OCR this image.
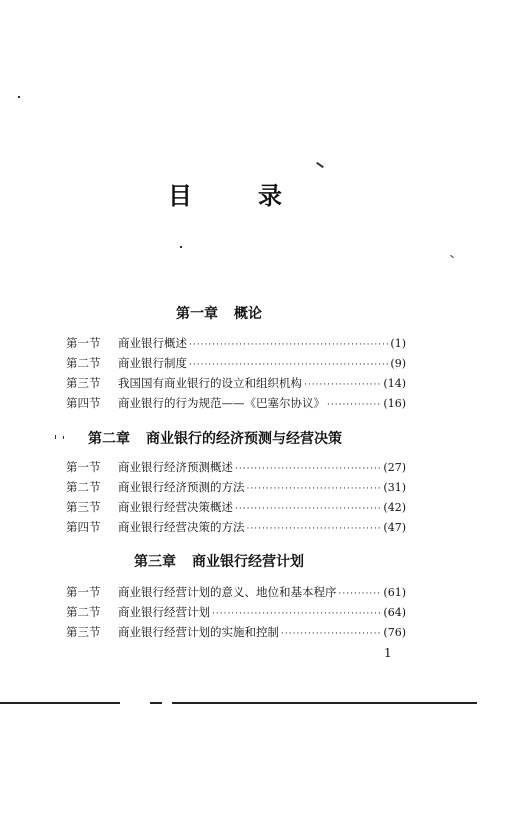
目	录
第一章 概论
第一节	商业银行概述 ·····	(1)
第二节	商业银行制度 ·····	(9)
第三节	我国国有商业银行的设立和组织机构 ·····	(14)
第四节	商业银行的行为规范——《巴塞尔协议》 ·····	(16)
第二章 商业银行的经济预测与经营决策
第一节	商业银行经济预测概述 ·····	(27)
第二节	商业银行经济预测的方法 ·····	(31)
第三节	商业银行经营决策概述 ·····	(42)
第四节	商业银行经营决策的方法 ·····	(47)
第三章 商业银行经营计划
第一节	商业银行经营计划的意义、地位和基本程序 ·····	(61)
第二节	商业银行经营计划 ·····	(64)
第三节	商业银行经营计划的实施和控制 ·····	(76)
1
